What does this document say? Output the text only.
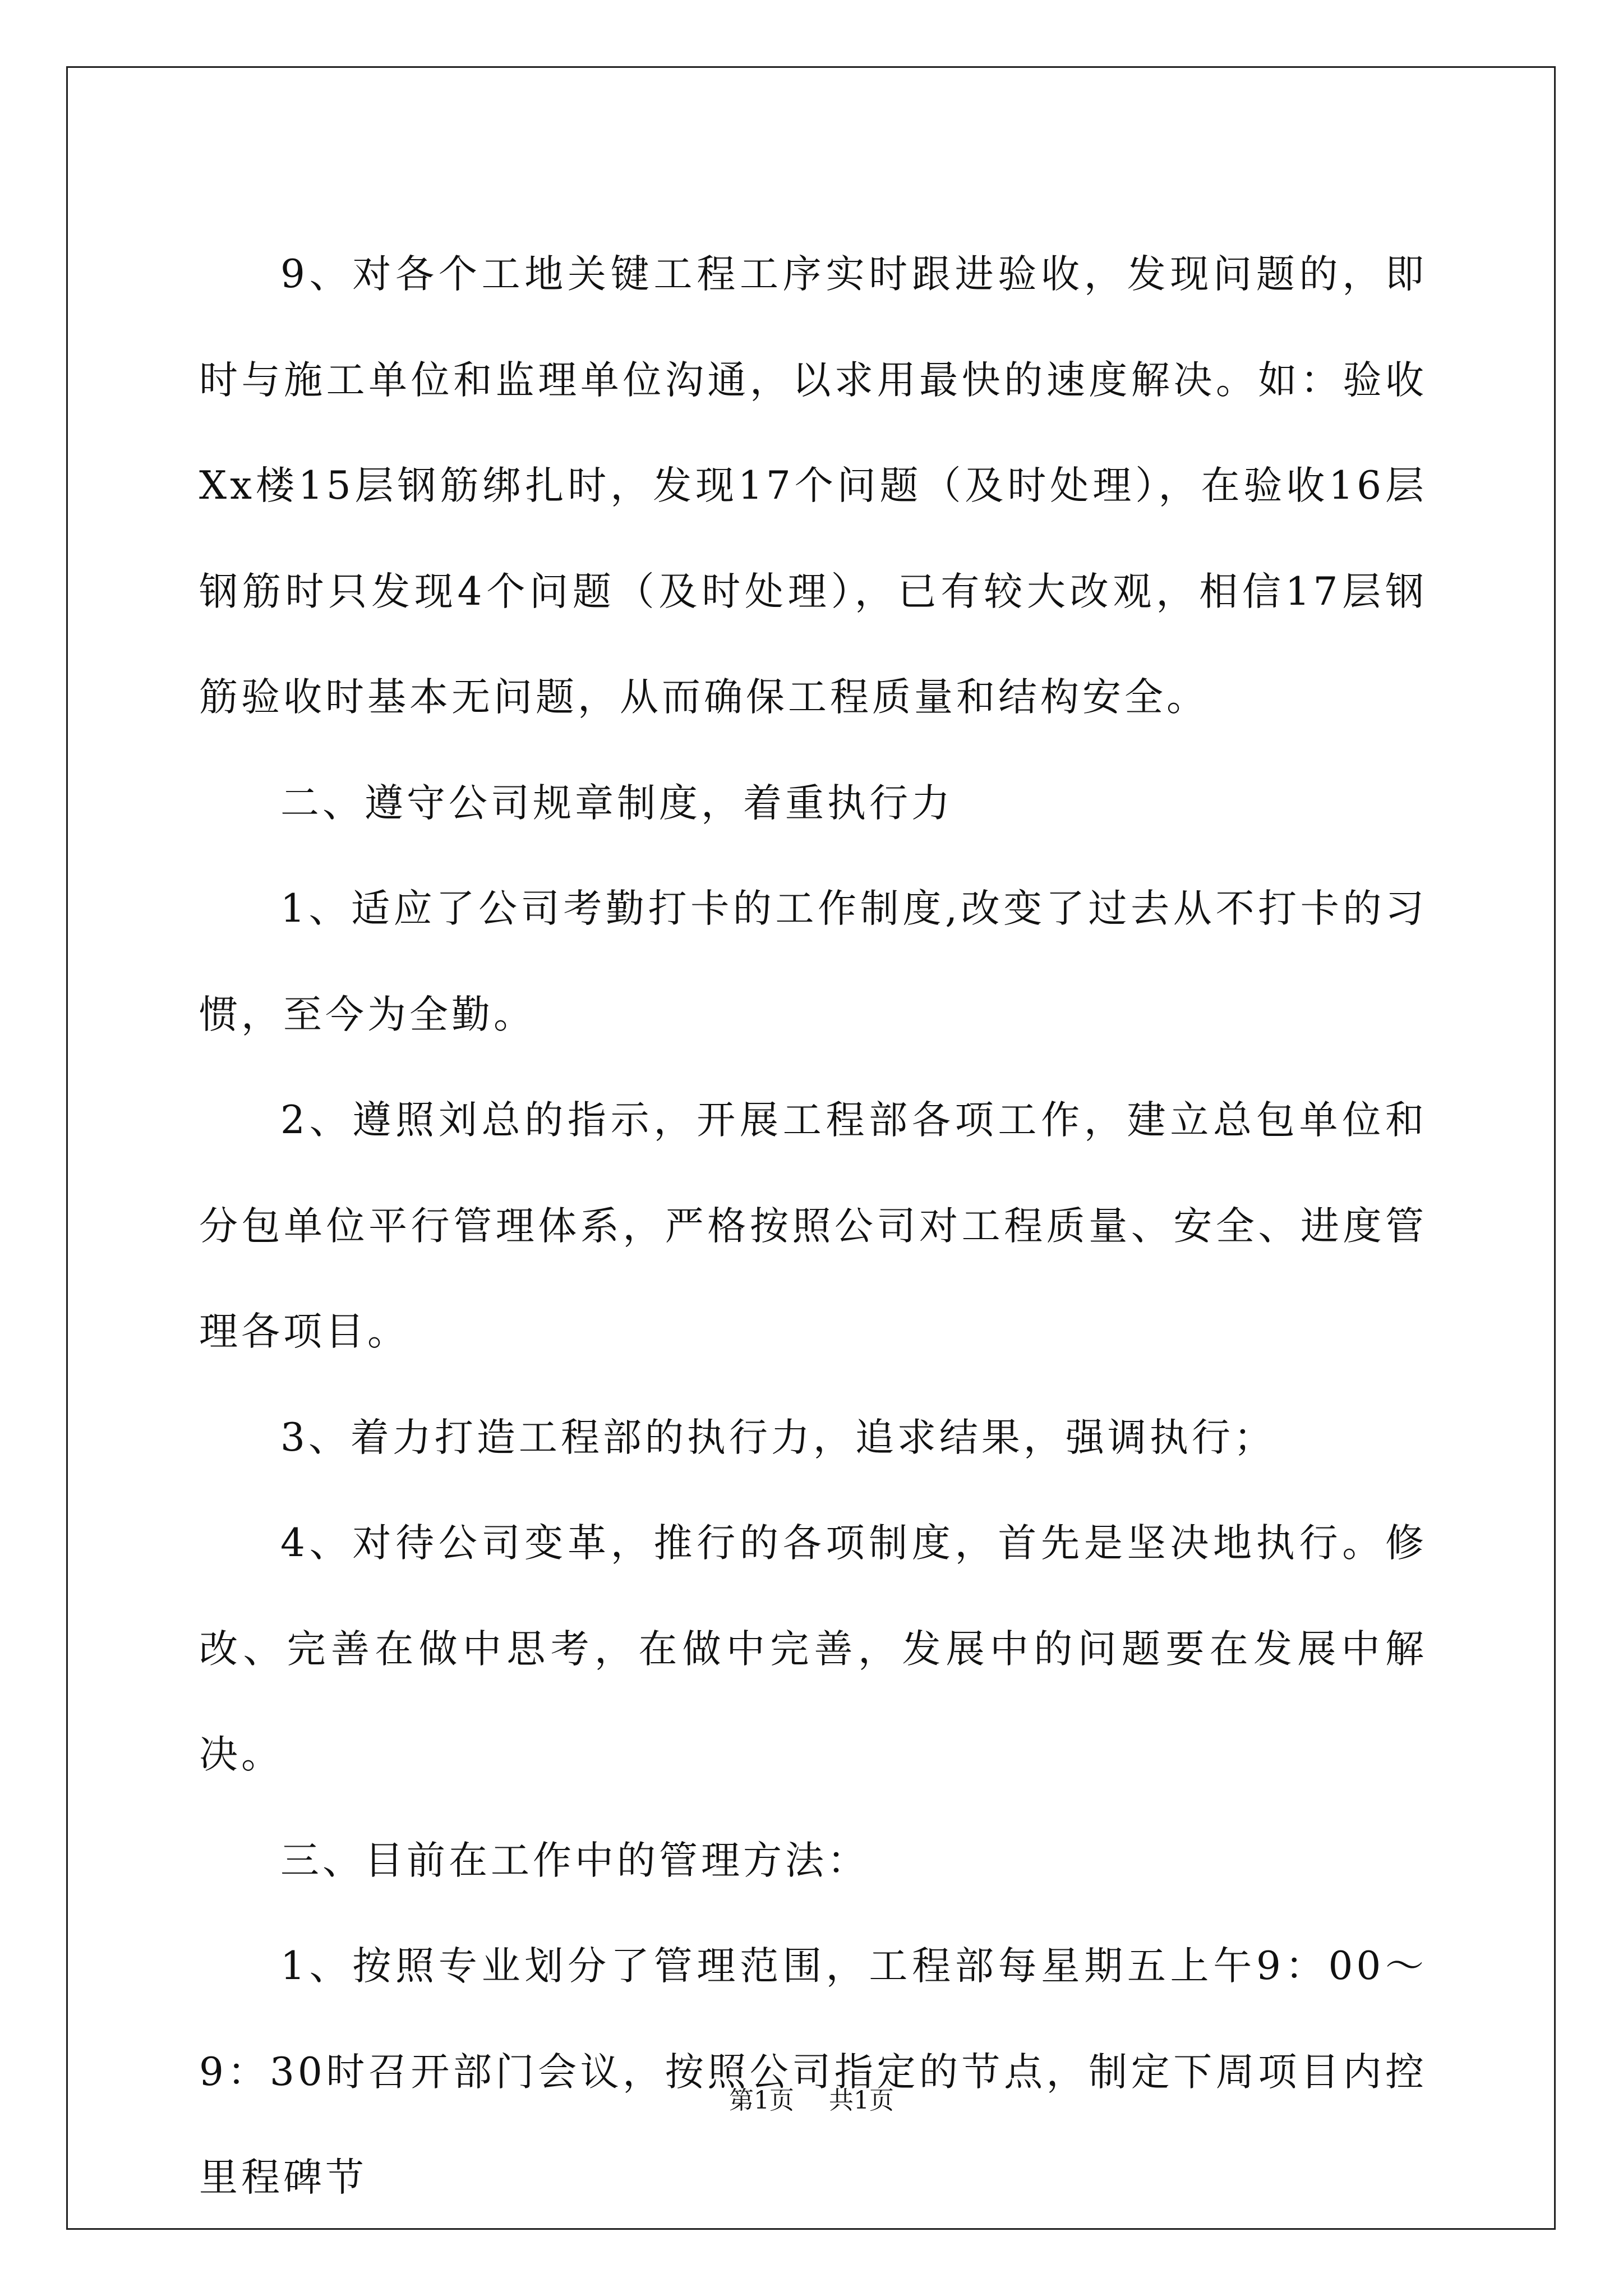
9、对各个工地关键工程工序实时跟进验收，发现问题的，即时与施工单位和监理单位沟通，以求用最快的速度解决。如：验收Xx楼15层钢筋绑扎时，发现17个问题（及时处理），在验收16层钢筋时只发现4个问题（及时处理），已有较大改观，相信17层钢筋验收时基本无问题，从而确保工程质量和结构安全。

二、遵守公司规章制度，着重执行力

1、适应了公司考勤打卡的工作制度,改变了过去从不打卡的习惯，至今为全勤。

2、遵照刘总的指示，开展工程部各项工作，建立总包单位和分包单位平行管理体系，严格按照公司对工程质量、安全、进度管理各项目。

3、着力打造工程部的执行力，追求结果，强调执行；

4、对待公司变革，推行的各项制度，首先是坚决地执行。修改、完善在做中思考，在做中完善，发展中的问题要在发展中解决。

三、目前在工作中的管理方法：

1、按照专业划分了管理范围，工程部每星期五上午9：00～9：30时召开部门会议，按照公司指定的节点，制定下周项目内控里程碑节

第1页 共1页
